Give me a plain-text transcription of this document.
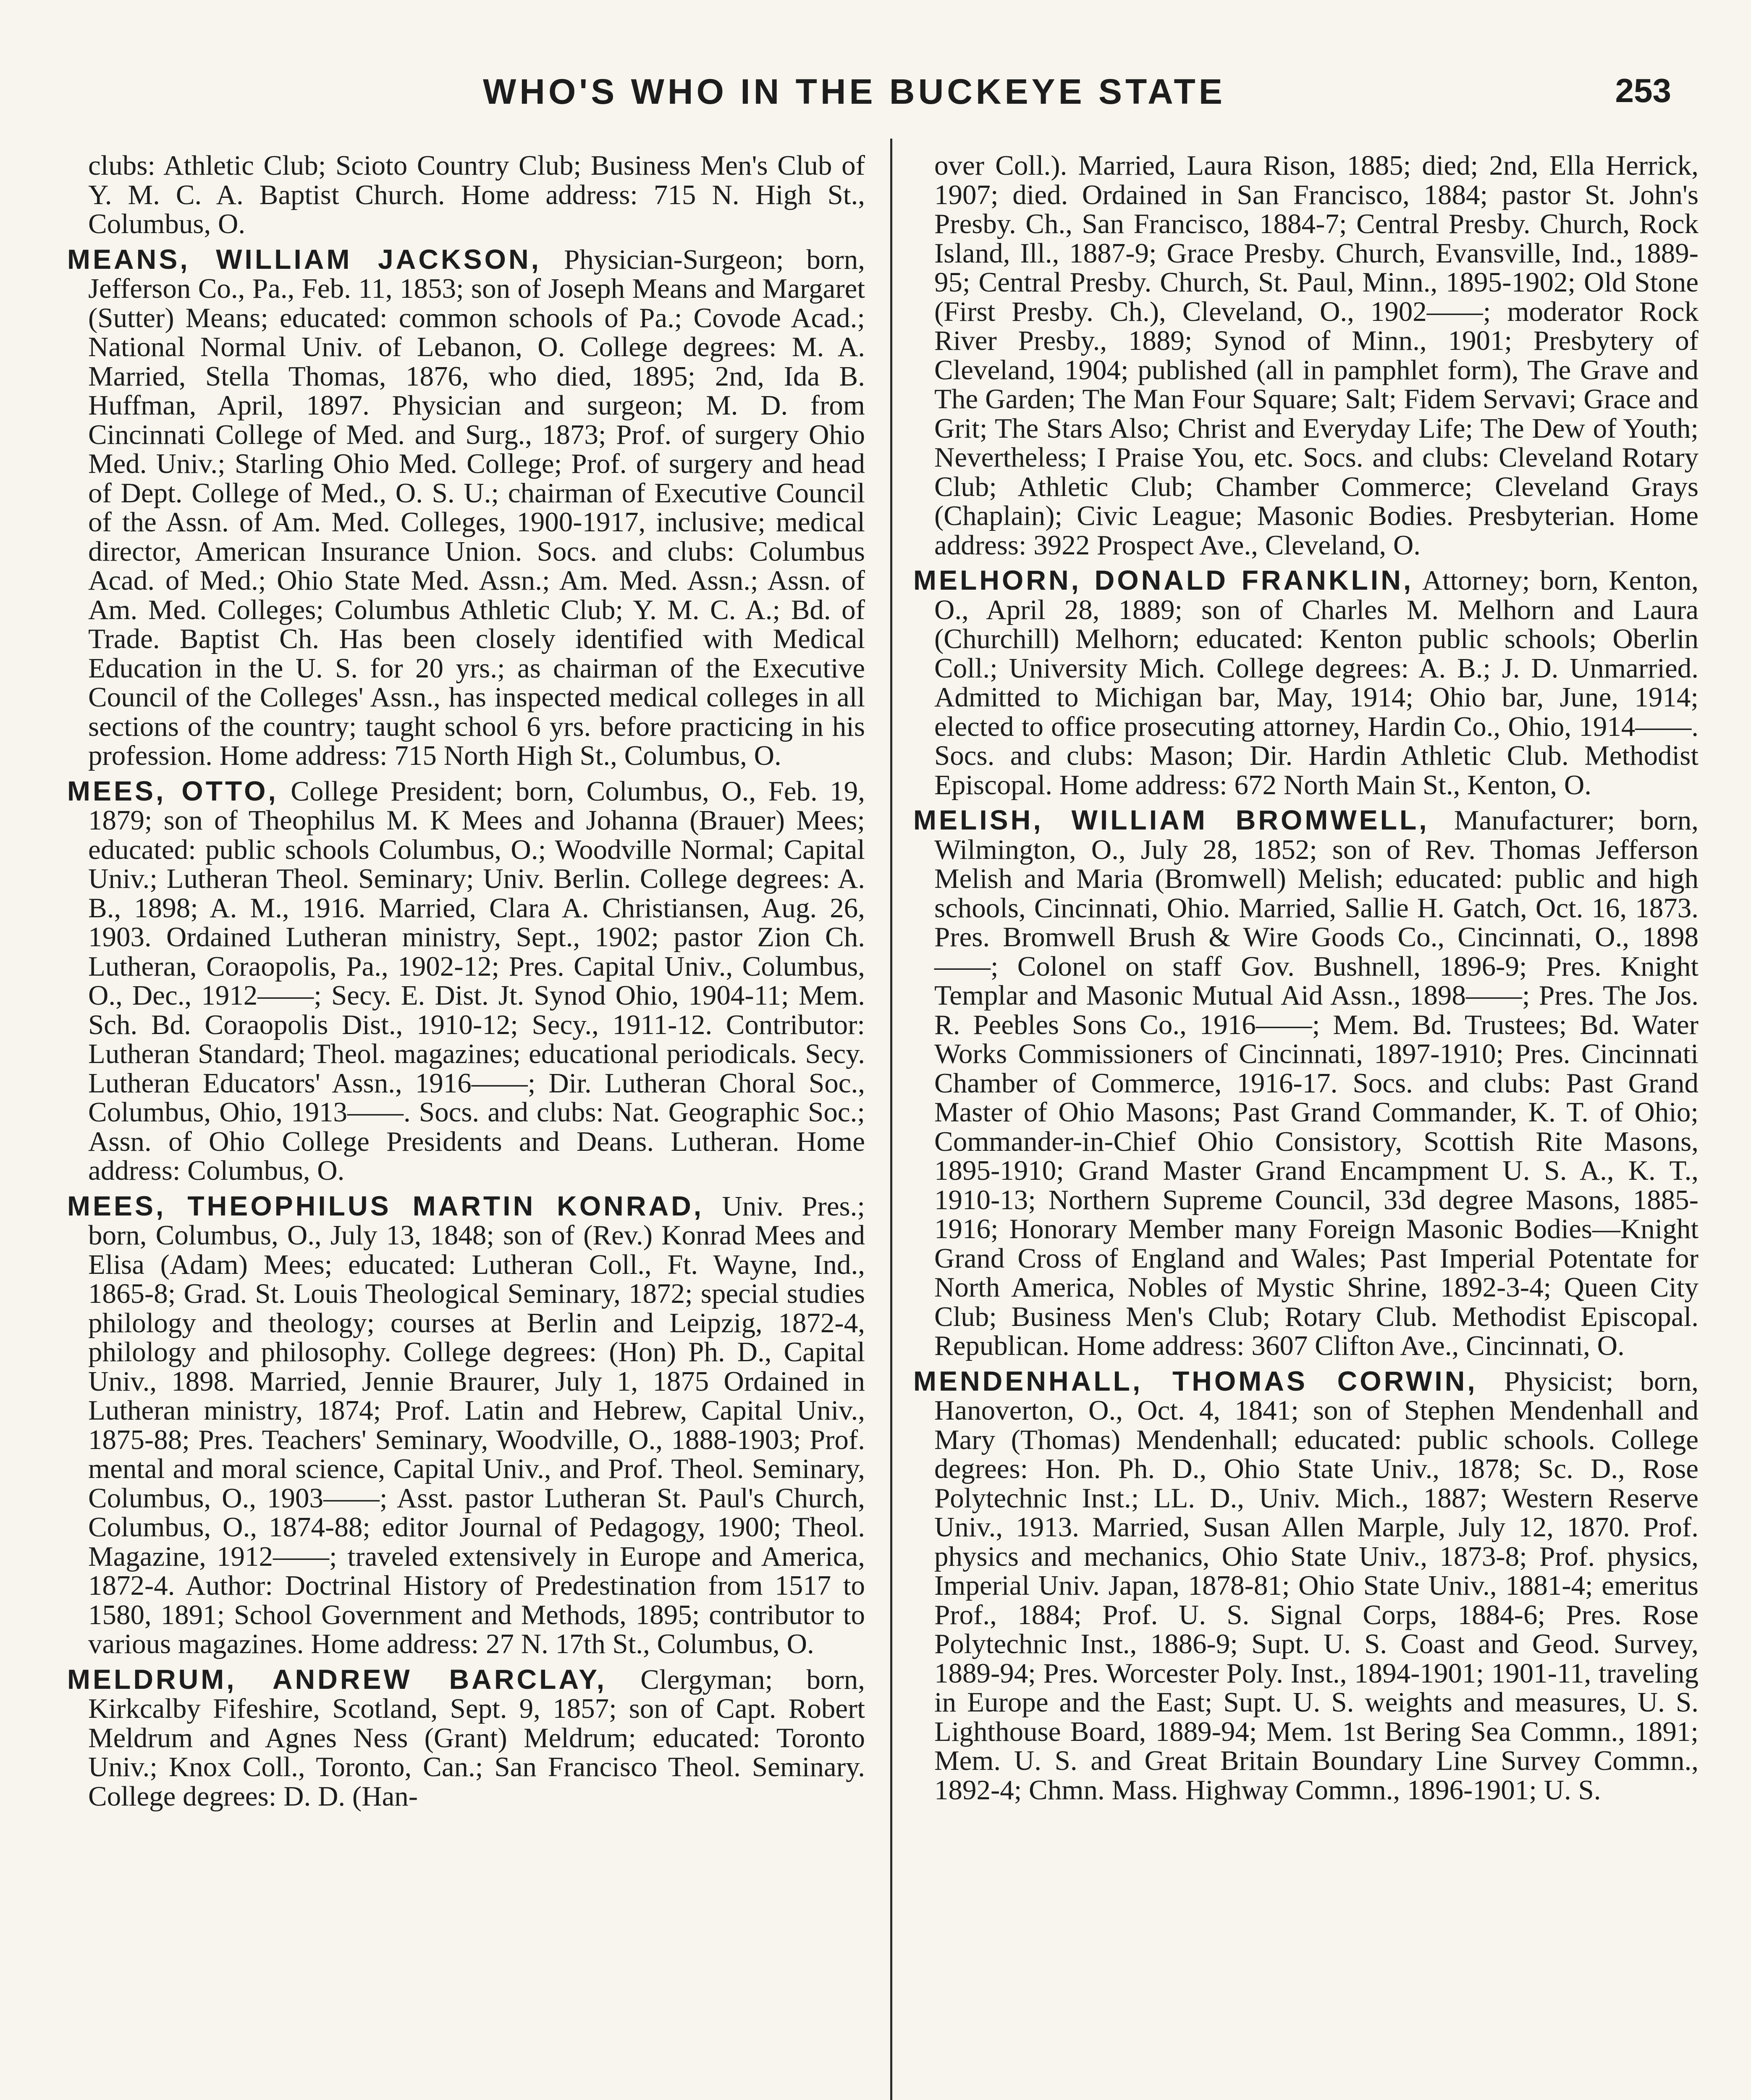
WHO'S WHO IN THE BUCKEYE STATE	253

clubs: Athletic Club; Scioto Country Club; Business Men's Club of Y. M. C. A. Baptist Church. Home address: 715 N. High St., Columbus, O.

MEANS, WILLIAM JACKSON, Physician-Surgeon; born, Jefferson Co., Pa., Feb. 11, 1853; son of Joseph Means and Margaret (Sutter) Means; educated: common schools of Pa.; Covode Acad.; National Normal Univ. of Lebanon, O. College degrees: M. A. Married, Stella Thomas, 1876, who died, 1895; 2nd, Ida B. Huffman, April, 1897. Physician and surgeon; M. D. from Cincinnati College of Med. and Surg., 1873; Prof. of surgery Ohio Med. Univ.; Starling Ohio Med. College; Prof. of surgery and head of Dept. College of Med., O. S. U.; chairman of Executive Council of the Assn. of Am. Med. Colleges, 1900-1917, inclusive; medical director, American Insurance Union. Socs. and clubs: Columbus Acad. of Med.; Ohio State Med. Assn.; Am. Med. Assn.; Assn. of Am. Med. Colleges; Columbus Athletic Club; Y. M. C. A.; Bd. of Trade. Baptist Ch. Has been closely identified with Medical Education in the U. S. for 20 yrs.; as chairman of the Executive Council of the Colleges' Assn., has inspected medical colleges in all sections of the country; taught school 6 yrs. before practicing in his profession. Home address: 715 North High St., Columbus, O.

MEES, OTTO, College President; born, Columbus, O., Feb. 19, 1879; son of Theophilus M. K Mees and Johanna (Brauer) Mees; educated: public schools Columbus, O.; Woodville Normal; Capital Univ.; Lutheran Theol. Seminary; Univ. Berlin. College degrees: A. B., 1898; A. M., 1916. Married, Clara A. Christiansen, Aug. 26, 1903. Ordained Lutheran ministry, Sept., 1902; pastor Zion Ch. Lutheran, Coraopolis, Pa., 1902-12; Pres. Capital Univ., Columbus, O., Dec., 1912——; Secy. E. Dist. Jt. Synod Ohio, 1904-11; Mem. Sch. Bd. Coraopolis Dist., 1910-12; Secy., 1911-12. Contributor: Lutheran Standard; Theol. magazines; educational periodicals. Secy. Lutheran Educators' Assn., 1916——; Dir. Lutheran Choral Soc., Columbus, Ohio, 1913——. Socs. and clubs: Nat. Geographic Soc.; Assn. of Ohio College Presidents and Deans. Lutheran. Home address: Columbus, O.

MEES, THEOPHILUS MARTIN KONRAD, Univ. Pres.; born, Columbus, O., July 13, 1848; son of (Rev.) Konrad Mees and Elisa (Adam) Mees; educated: Lutheran Coll., Ft. Wayne, Ind., 1865-8; Grad. St. Louis Theological Seminary, 1872; special studies philology and theology; courses at Berlin and Leipzig, 1872-4, philology and philosophy. College degrees: (Hon) Ph. D., Capital Univ., 1898. Married, Jennie Braurer, July 1, 1875 Ordained in Lutheran ministry, 1874; Prof. Latin and Hebrew, Capital Univ., 1875-88; Pres. Teachers' Seminary, Woodville, O., 1888-1903; Prof. mental and moral science, Capital Univ., and Prof. Theol. Seminary, Columbus, O., 1903——; Asst. pastor Lutheran St. Paul's Church, Columbus, O., 1874-88; editor Journal of Pedagogy, 1900; Theol. Magazine, 1912——; traveled extensively in Europe and America, 1872-4. Author: Doctrinal History of Predestination from 1517 to 1580, 1891; School Government and Methods, 1895; contributor to various magazines. Home address: 27 N. 17th St., Columbus, O.

MELDRUM, ANDREW BARCLAY, Clergyman; born, Kirkcalby Fifeshire, Scotland, Sept. 9, 1857; son of Capt. Robert Meldrum and Agnes Ness (Grant) Meldrum; educated: Toronto Univ.; Knox Coll., Toronto, Can.; San Francisco Theol. Seminary. College degrees: D. D. (Han-

over Coll.). Married, Laura Rison, 1885; died; 2nd, Ella Herrick, 1907; died. Ordained in San Francisco, 1884; pastor St. John's Presby. Ch., San Francisco, 1884-7; Central Presby. Church, Rock Island, Ill., 1887-9; Grace Presby. Church, Evansville, Ind., 1889-95; Central Presby. Church, St. Paul, Minn., 1895-1902; Old Stone (First Presby. Ch.), Cleveland, O., 1902——; moderator Rock River Presby., 1889; Synod of Minn., 1901; Presbytery of Cleveland, 1904; published (all in pamphlet form), The Grave and The Garden; The Man Four Square; Salt; Fidem Servavi; Grace and Grit; The Stars Also; Christ and Everyday Life; The Dew of Youth; Nevertheless; I Praise You, etc. Socs. and clubs: Cleveland Rotary Club; Athletic Club; Chamber Commerce; Cleveland Grays (Chaplain); Civic League; Masonic Bodies. Presbyterian. Home address: 3922 Prospect Ave., Cleveland, O.

MELHORN, DONALD FRANKLIN, Attorney; born, Kenton, O., April 28, 1889; son of Charles M. Melhorn and Laura (Churchill) Melhorn; educated: Kenton public schools; Oberlin Coll.; University Mich. College degrees: A. B.; J. D. Unmarried. Admitted to Michigan bar, May, 1914; Ohio bar, June, 1914; elected to office prosecuting attorney, Hardin Co., Ohio, 1914——. Socs. and clubs: Mason; Dir. Hardin Athletic Club. Methodist Episcopal. Home address: 672 North Main St., Kenton, O.

MELISH, WILLIAM BROMWELL, Manufacturer; born, Wilmington, O., July 28, 1852; son of Rev. Thomas Jefferson Melish and Maria (Bromwell) Melish; educated: public and high schools, Cincinnati, Ohio. Married, Sallie H. Gatch, Oct. 16, 1873. Pres. Bromwell Brush & Wire Goods Co., Cincinnati, O., 1898——; Colonel on staff Gov. Bushnell, 1896-9; Pres. Knight Templar and Masonic Mutual Aid Assn., 1898——; Pres. The Jos. R. Peebles Sons Co., 1916——; Mem. Bd. Trustees; Bd. Water Works Commissioners of Cincinnati, 1897-1910; Pres. Cincinnati Chamber of Commerce, 1916-17. Socs. and clubs: Past Grand Master of Ohio Masons; Past Grand Commander, K. T. of Ohio; Commander-in-Chief Ohio Consistory, Scottish Rite Masons, 1895-1910; Grand Master Grand Encampment U. S. A., K. T., 1910-13; Northern Supreme Council, 33d degree Masons, 1885-1916; Honorary Member many Foreign Masonic Bodies—Knight Grand Cross of England and Wales; Past Imperial Potentate for North America, Nobles of Mystic Shrine, 1892-3-4; Queen City Club; Business Men's Club; Rotary Club. Methodist Episcopal. Republican. Home address: 3607 Clifton Ave., Cincinnati, O.

MENDENHALL, THOMAS CORWIN, Physicist; born, Hanoverton, O., Oct. 4, 1841; son of Stephen Mendenhall and Mary (Thomas) Mendenhall; educated: public schools. College degrees: Hon. Ph. D., Ohio State Univ., 1878; Sc. D., Rose Polytechnic Inst.; LL. D., Univ. Mich., 1887; Western Reserve Univ., 1913. Married, Susan Allen Marple, July 12, 1870. Prof. physics and mechanics, Ohio State Univ., 1873-8; Prof. physics, Imperial Univ. Japan, 1878-81; Ohio State Univ., 1881-4; emeritus Prof., 1884; Prof. U. S. Signal Corps, 1884-6; Pres. Rose Polytechnic Inst., 1886-9; Supt. U. S. Coast and Geod. Survey, 1889-94; Pres. Worcester Poly. Inst., 1894-1901; 1901-11, traveling in Europe and the East; Supt. U. S. weights and measures, U. S. Lighthouse Board, 1889-94; Mem. 1st Bering Sea Commn., 1891; Mem. U. S. and Great Britain Boundary Line Survey Commn., 1892-4; Chmn. Mass. Highway Commn., 1896-1901; U. S.
